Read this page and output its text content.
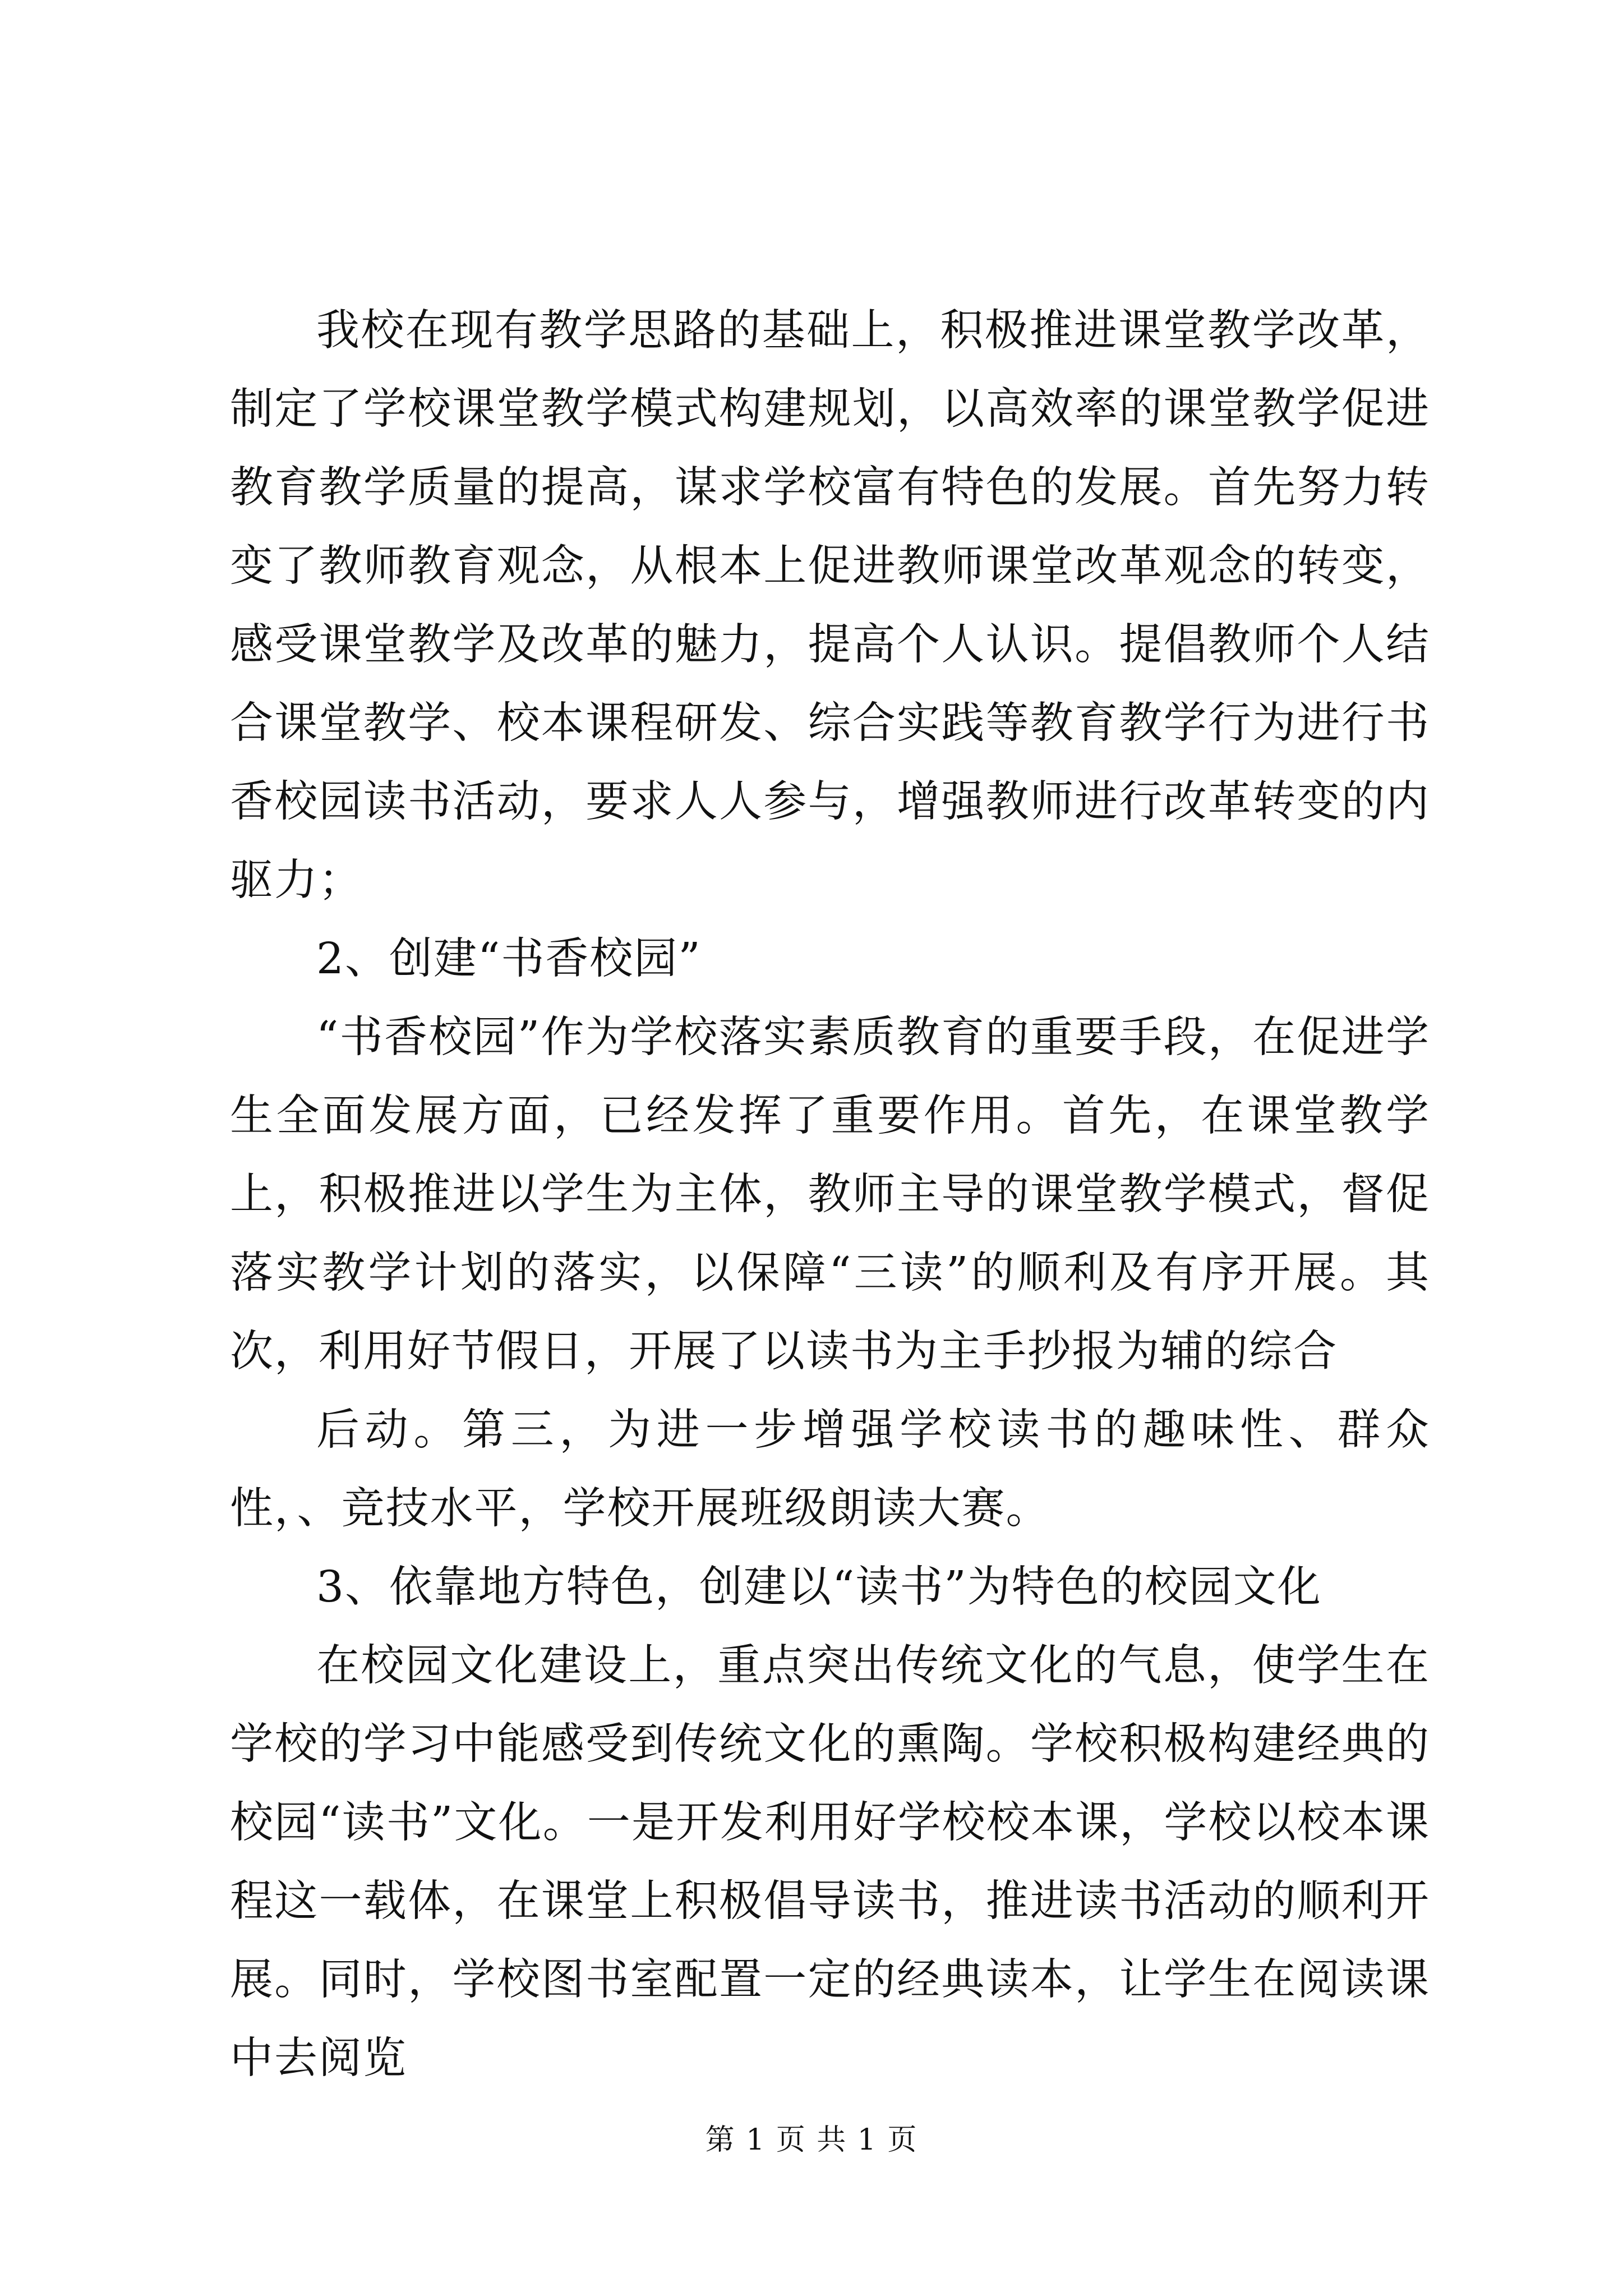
我校在现有教学思路的基础上，积极推进课堂教学改革，制定了学校课堂教学模式构建规划，以高效率的课堂教学促进教育教学质量的提高，谋求学校富有特色的发展。首先努力转变了教师教育观念，从根本上促进教师课堂改革观念的转变，感受课堂教学及改革的魅力，提高个人认识。提倡教师个人结合课堂教学、校本课程研发、综合实践等教育教学行为进行书香校园读书活动，要求人人参与，增强教师进行改革转变的内驱力；

2、创建“书香校园”

“书香校园”作为学校落实素质教育的重要手段，在促进学生全面发展方面，已经发挥了重要作用。首先，在课堂教学上，积极推进以学生为主体，教师主导的课堂教学模式，督促落实教学计划的落实，以保障“三读”的顺利及有序开展。其次，利用好节假日，开展了以读书为主手抄报为辅的综合

后动。第三，为进一步增强学校读书的趣味性、群众性，、竞技水平，学校开展班级朗读大赛。

3、依靠地方特色，创建以“读书”为特色的校园文化

在校园文化建设上，重点突出传统文化的气息，使学生在学校的学习中能感受到传统文化的熏陶。学校积极构建经典的校园“读书”文化。一是开发利用好学校校本课，学校以校本课程这一载体，在课堂上积极倡导读书，推进读书活动的顺利开展。同时，学校图书室配置一定的经典读本，让学生在阅读课中去阅览

第 1 页 共 1 页
